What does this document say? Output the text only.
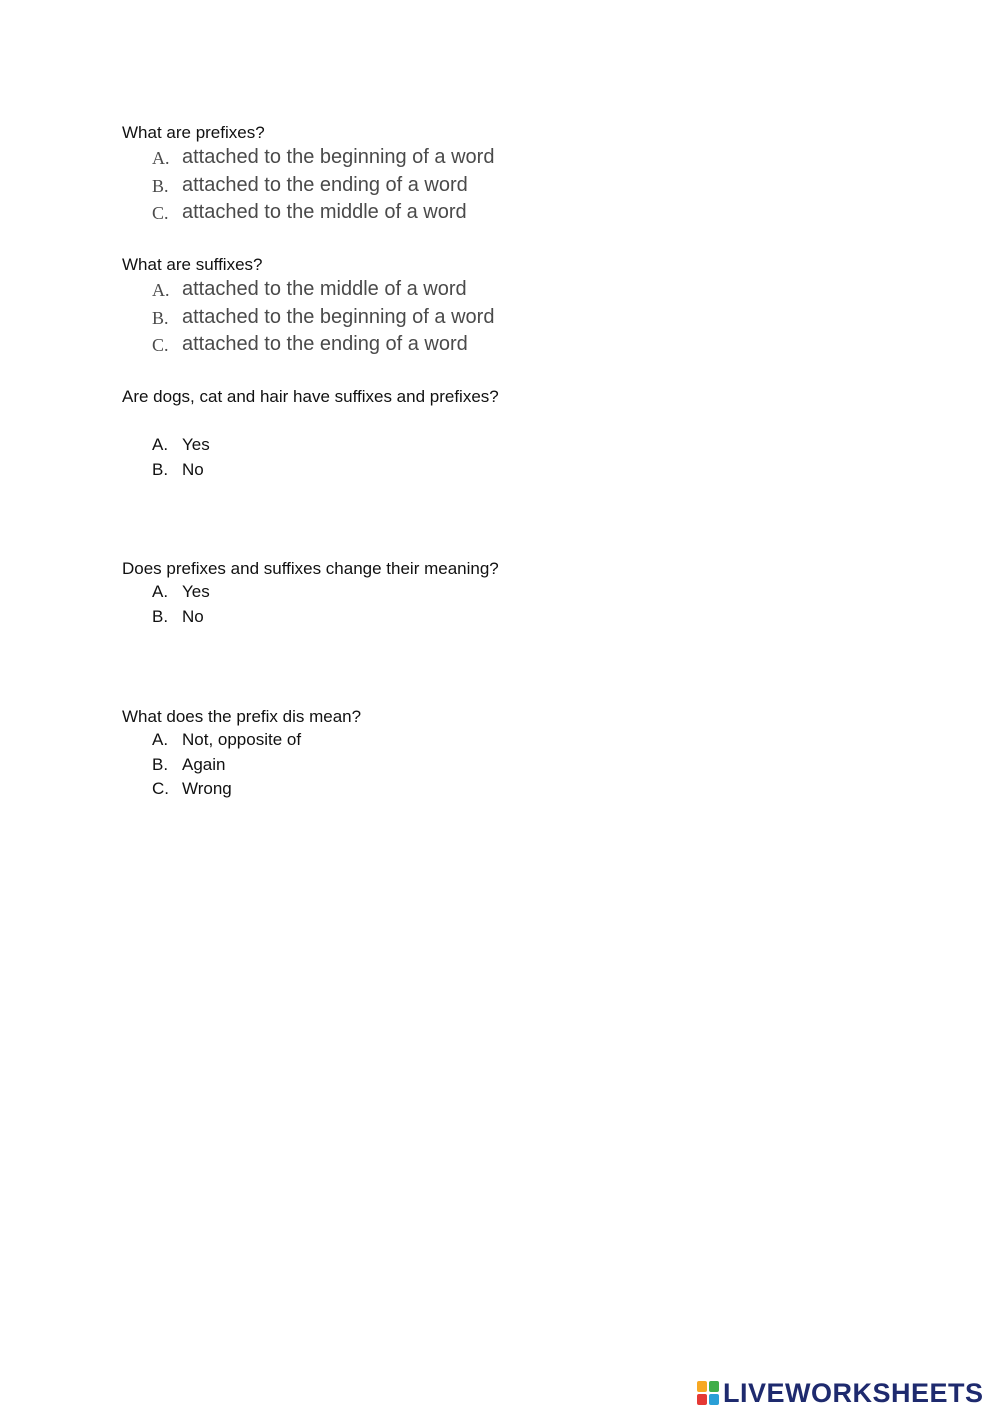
What are prefixes?

A. attached to the beginning of a word
B. attached to the ending of a word
C. attached to the middle of a word

What are suffixes?

A. attached to the middle of a word
B. attached to the beginning of a word
C. attached to the ending of a word

Are dogs, cat and hair have suffixes and prefixes?

A. Yes
B. No

Does prefixes and suffixes change their meaning?

A. Yes
B. No

What does the prefix dis mean?

A. Not, opposite of
B. Again
C. Wrong
LIVEWORKSHEETS
